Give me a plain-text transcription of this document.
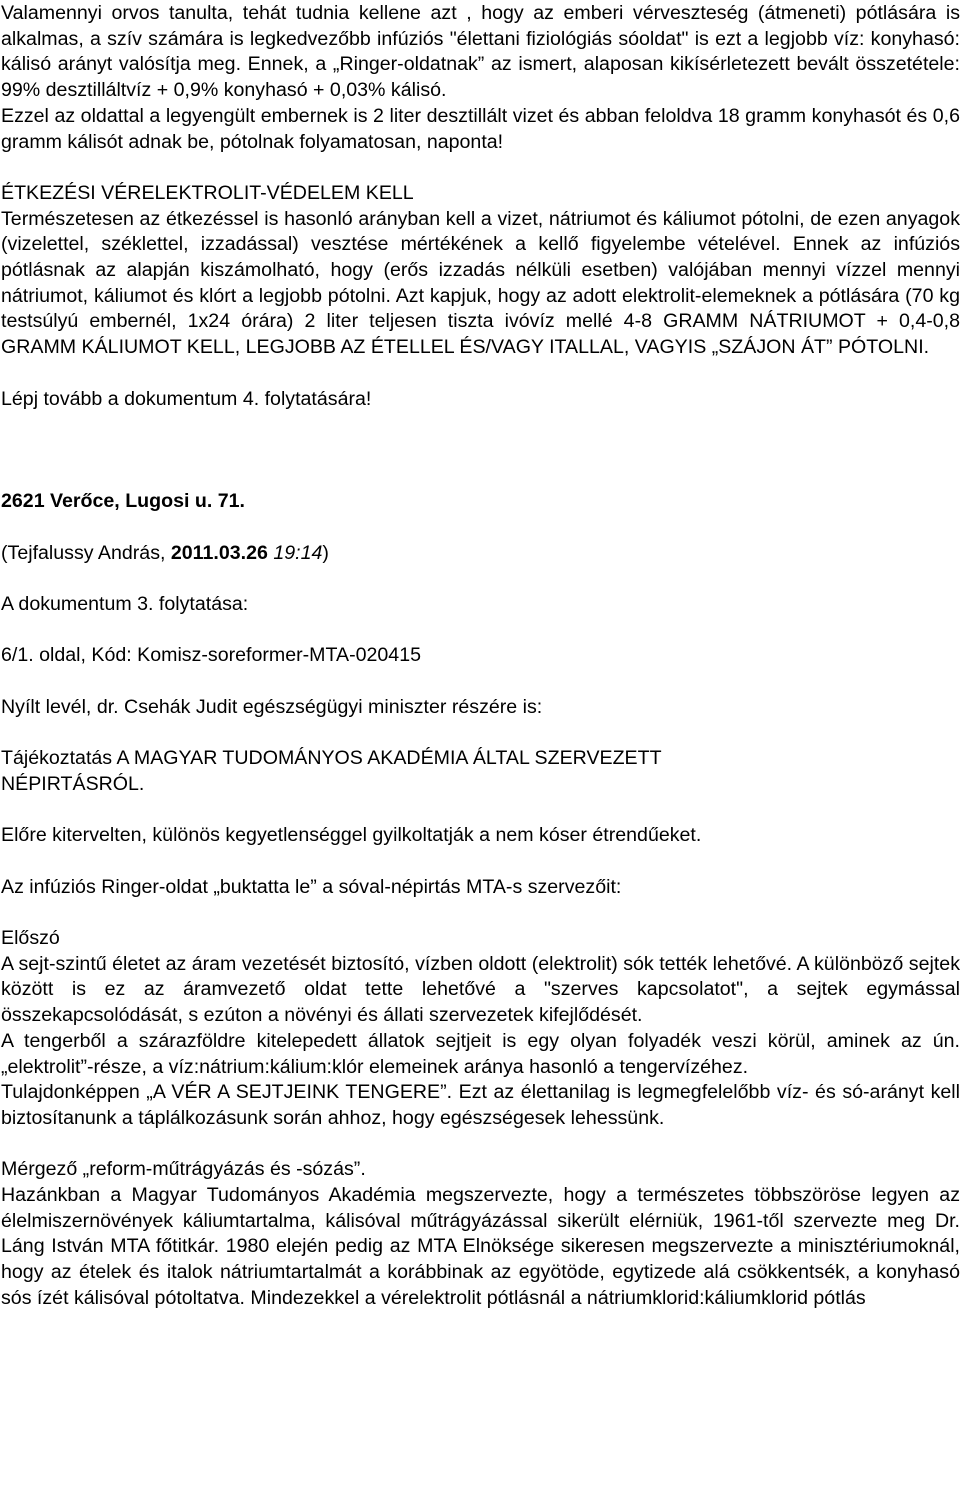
Valamennyi orvos tanulta, tehát tudnia kellene azt , hogy az emberi vérveszteség (átmeneti) pótlására is alkalmas, a szív számára is legkedvezőbb infúziós "élettani fiziológiás sóoldat" is ezt a legjobb víz: konyhasó: kálisó arányt valósítja meg. Ennek, a „Ringer-oldatnak” az ismert, alaposan kikísérletezett bevált összetétele: 99% desztilláltvíz + 0,9% konyhasó + 0,03% kálisó.

Ezzel az oldattal a legyengült embernek is 2 liter desztillált vizet és abban feloldva 18 gramm konyhasót és 0,6 gramm kálisót adnak be, pótolnak folyamatosan, naponta!

ÉTKEZÉSI VÉRELEKTROLIT-VÉDELEM KELL

Természetesen az étkezéssel is hasonló arányban kell a vizet, nátriumot és káliumot pótolni, de ezen anyagok (vizelettel, széklettel, izzadással) vesztése mértékének a kellő figyelembe vételével. Ennek az infúziós pótlásnak az alapján kiszámolható, hogy (erős izzadás nélküli esetben) valójában mennyi vízzel mennyi nátriumot, káliumot és klórt a legjobb pótolni. Azt kapjuk, hogy az adott elektrolit-elemeknek a pótlására (70 kg testsúlyú embernél, 1x24 órára) 2 liter teljesen tiszta ivóvíz mellé 4-8 GRAMM NÁTRIUMOT + 0,4-0,8 GRAMM KÁLIUMOT KELL, LEGJOBB AZ ÉTELLEL ÉS/VAGY ITALLAL, VAGYIS „SZÁJON ÁT” PÓTOLNI.

Lépj tovább a dokumentum 4. folytatására!

2621 Verőce, Lugosi u. 71.

(Tejfalussy András, 2011.03.26 19:14)

A dokumentum 3. folytatása:

6/1. oldal, Kód: Komisz-soreformer-MTA-020415

Nyílt levél, dr. Csehák Judit egészségügyi miniszter részére is:

Tájékoztatás A MAGYAR TUDOMÁNYOS AKADÉMIA ÁLTAL SZERVEZETT
NÉPIRTÁSRÓL.

Előre kitervelten, különös kegyetlenséggel gyilkoltatják a nem kóser étrendűeket.

Az infúziós Ringer-oldat „buktatta le” a sóval-népirtás MTA-s szervezőit:

Előszó

A sejt-szintű életet az áram vezetését biztosító, vízben oldott (elektrolit) sók tették lehetővé. A különböző sejtek között is ez az áramvezető oldat tette lehetővé a "szerves kapcsolatot", a sejtek egymással összekapcsolódását, s ezúton a növényi és állati szervezetek kifejlődését.

A tengerből a szárazföldre kitelepedett állatok sejtjeit is egy olyan folyadék veszi körül, aminek az ún. „elektrolit”-része, a víz:nátrium:kálium:klór elemeinek aránya hasonló a tengervízéhez.

Tulajdonképpen „A VÉR A SEJTJEINK TENGERE”. Ezt az élettanilag is legmegfelelőbb víz- és só-arányt kell biztosítanunk a táplálkozásunk során ahhoz, hogy egészségesek lehessünk.

Mérgező „reform-műtrágyázás és -sózás”.

Hazánkban a Magyar Tudományos Akadémia megszervezte, hogy a természetes többszöröse legyen az élelmiszernövények káliumtartalma, kálisóval műtrágyázással sikerült elérniük, 1961-től szervezte meg Dr. Láng István MTA főtitkár. 1980 elején pedig az MTA Elnöksége sikeresen megszervezte a minisztériumoknál, hogy az ételek és italok nátriumtartalmát a korábbinak az egyötöde, egytizede alá csökkentsék, a konyhasó sós ízét kálisóval pótoltatva. Mindezekkel a vérelektrolit pótlásnál a nátriumklorid:káliumklorid pótlás
